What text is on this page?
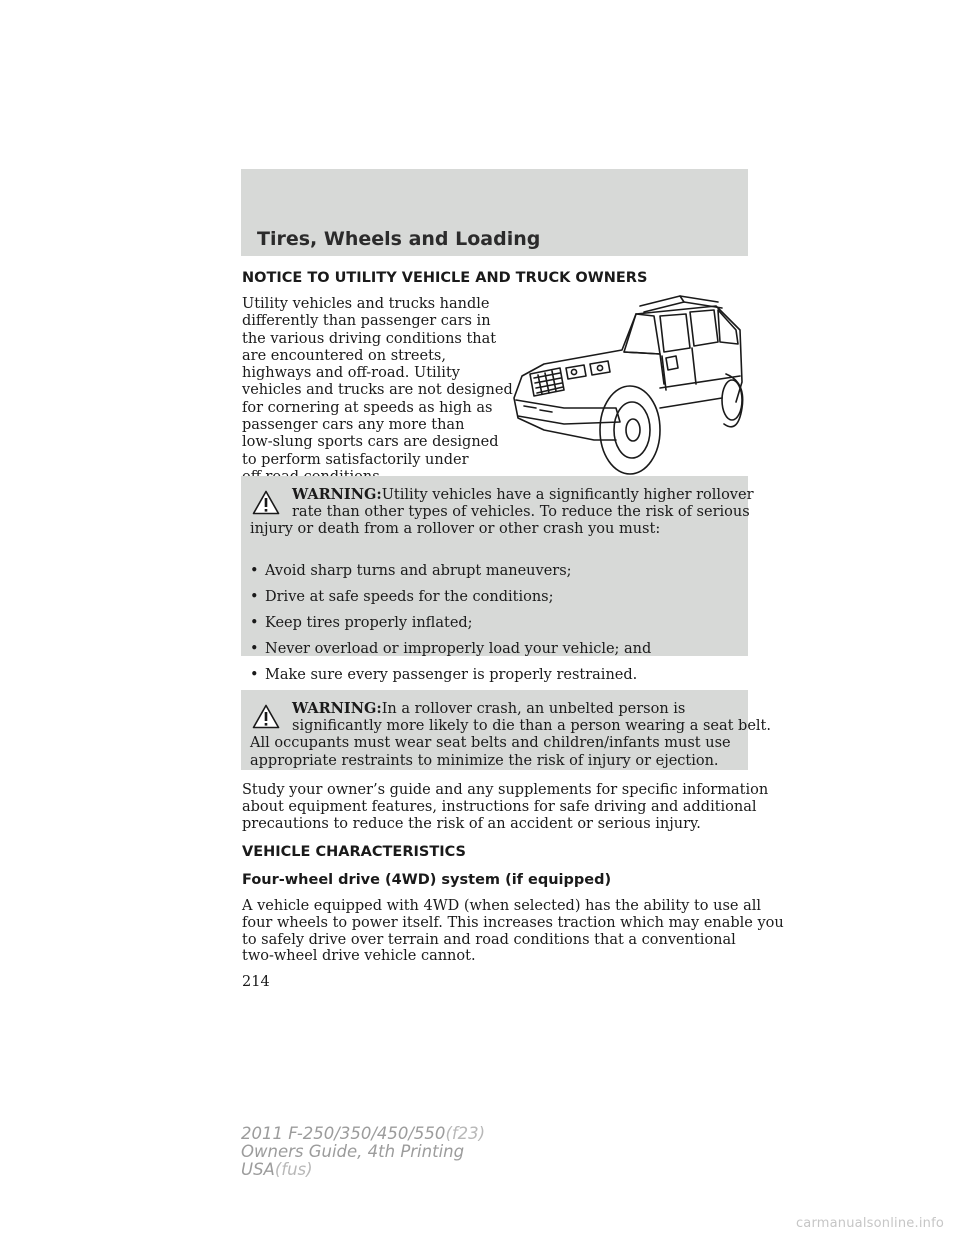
Tires, Wheels and Loading
NOTICE TO UTILITY VEHICLE AND TRUCK OWNERS
Utility vehicles and trucks handle
differently than passenger cars in
the various driving conditions that
are encountered on streets,
highways and off-road. Utility
vehicles and trucks are not designed
for cornering at speeds as high as
passenger cars any more than
low-slung sports cars are designed
to perform satisfactorily under
WARNING:Utility vehicles have a significantly higher rollover
rate than other types of vehicles. To reduce the risk of serious
injury or death from a rollover or other crash you must:
• Avoid sharp turns and abrupt maneuvers;
• Drive at safe speeds for the conditions;
• Keep tires properly inflated;
• Never overload or improperly load your vehicle; and
• Make sure every passenger is properly restrained.
WARNING:In a rollover crash, an unbelted person is
significantly more likely to die than a person wearing a seat belt.
All occupants must wear seat belts and children/infants must use
appropriate restraints to minimize the risk of injury or ejection.
Study your owner’s guide and any supplements for specific information
about equipment features, instructions for safe driving and additional
precautions to reduce the risk of an accident or serious injury.
VEHICLE CHARACTERISTICS
Four-wheel drive (4WD) system (if equipped)
A vehicle equipped with 4WD (when selected) has the ability to use all
four wheels to power itself. This increases traction which may enable you
to safely drive over terrain and road conditions that a conventional
two-wheel drive vehicle cannot.
214
2011 F-250/350/450/550(f23)
Owners Guide, 4th Printing
USA(fus)
carmanualsonline.info
